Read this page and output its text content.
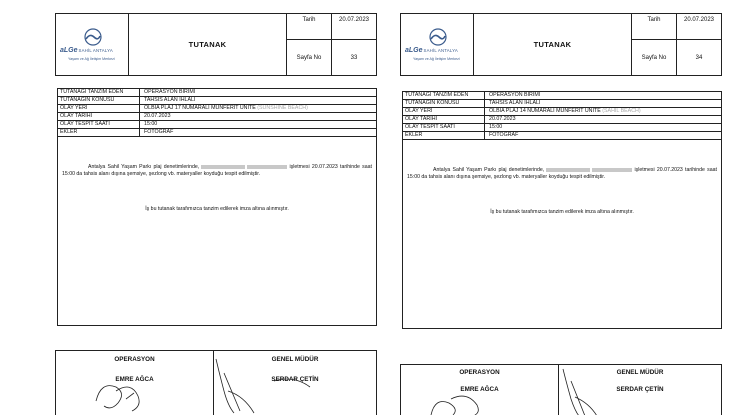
aLGeSAHİL ANTALYA
Yaşam ve Ağ İletişim Merkezi
TUTANAK
Tarih	20.07.2023
Sayfa No	33
TUTANAĞI TANZİM EDEN	OPERASYON BİRİMİ
TUTANAĞIN KONUSU	TAHSİS ALAN İHLALİ
OLAY YERİ	OLBİA PLAJ 17 NUMARALI MÜNFERİT ÜNİTE (SUNSHINE BEACH)
OLAY TARİHİ	20.07.2023
OLAY TESPİT SAATİ	15:00
EKLER	FOTOĞRAF
Antalya Sahil Yaşam Parkı plaj denetimlerinde,	işletmesi 20.07.2023 tarihinde saat 15:00 da tahsis alanı dışına şemsiye, şezlong vb. materyaller koyduğu tespit edilmiştir.
İş bu tutanak tarafımızca tanzim edilerek imza altına alınmıştır.
OPERASYON
EMRE AĞCA
GENEL MÜDÜR
SERDAR ÇETİN
aLGeSAHİL ANTALYA
Yaşam ve Ağ İletişim Merkezi
TUTANAK
Tarih	20.07.2023
Sayfa No	34
TUTANAĞI TANZİM EDEN	OPERASYON BİRİMİ
TUTANAĞIN KONUSU	TAHSİS ALAN İHLALİ
OLAY YERİ	OLBİA PLAJ 14 NUMARALI MÜNFERİT ÜNİTE (SAHİL BEACH)
OLAY TARİHİ	20.07.2023
OLAY TESPİT SAATİ	15:00
EKLER	FOTOĞRAF
Antalya Sahil Yaşam Parkı plaj denetimlerinde,	işletmesi 20.07.2023 tarihinde saat 15:00 da tahsis alanı dışına şemsiye, şezlong vb. materyaller koyduğu tespit edilmiştir.
İş bu tutanak tarafımızca tanzim edilerek imza altına alınmıştır.
OPERASYON
EMRE AĞCA
GENEL MÜDÜR
SERDAR ÇETİN
